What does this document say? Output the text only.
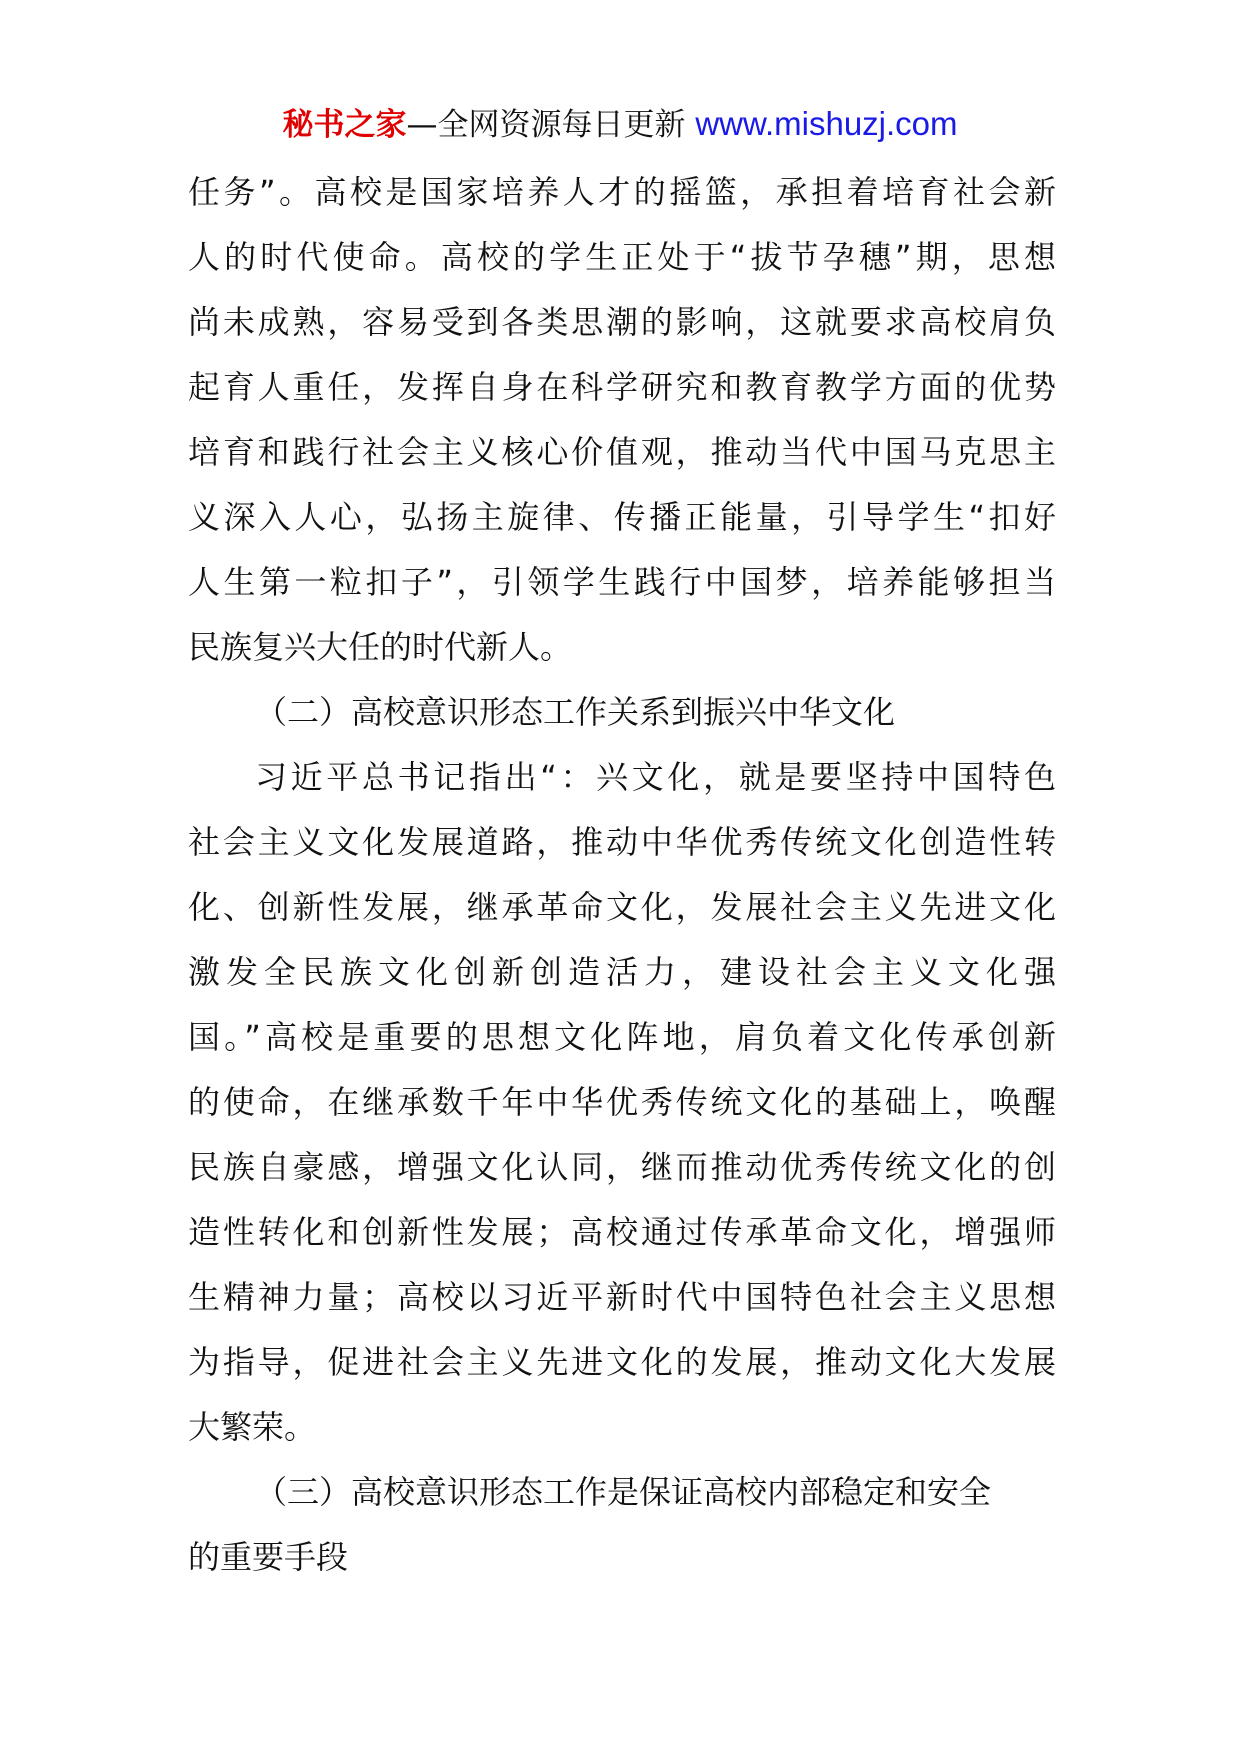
秘书之家—全网资源每日更新 www.mishuzj.com
任务”。高校是国家培养人才的摇篮，承担着培育社会新
人的时代使命。高校的学生正处于“拔节孕穗”期，思想
尚未成熟，容易受到各类思潮的影响，这就要求高校肩负
起育人重任，发挥自身在科学研究和教育教学方面的优势
培育和践行社会主义核心价值观，推动当代中国马克思主
义深入人心，弘扬主旋律、传播正能量，引导学生“扣好
人生第一粒扣子”，引领学生践行中国梦，培养能够担当
民族复兴大任的时代新人。
（二）高校意识形态工作关系到振兴中华文化
习近平总书记指出“：兴文化，就是要坚持中国特色
社会主义文化发展道路，推动中华优秀传统文化创造性转
化、创新性发展，继承革命文化，发展社会主义先进文化
激发全民族文化创新创造活力，建设社会主义文化强
国。”高校是重要的思想文化阵地，肩负着文化传承创新
的使命，在继承数千年中华优秀传统文化的基础上，唤醒
民族自豪感，增强文化认同，继而推动优秀传统文化的创
造性转化和创新性发展；高校通过传承革命文化，增强师
生精神力量；高校以习近平新时代中国特色社会主义思想
为指导，促进社会主义先进文化的发展，推动文化大发展
大繁荣。
（三）高校意识形态工作是保证高校内部稳定和安全
的重要手段
